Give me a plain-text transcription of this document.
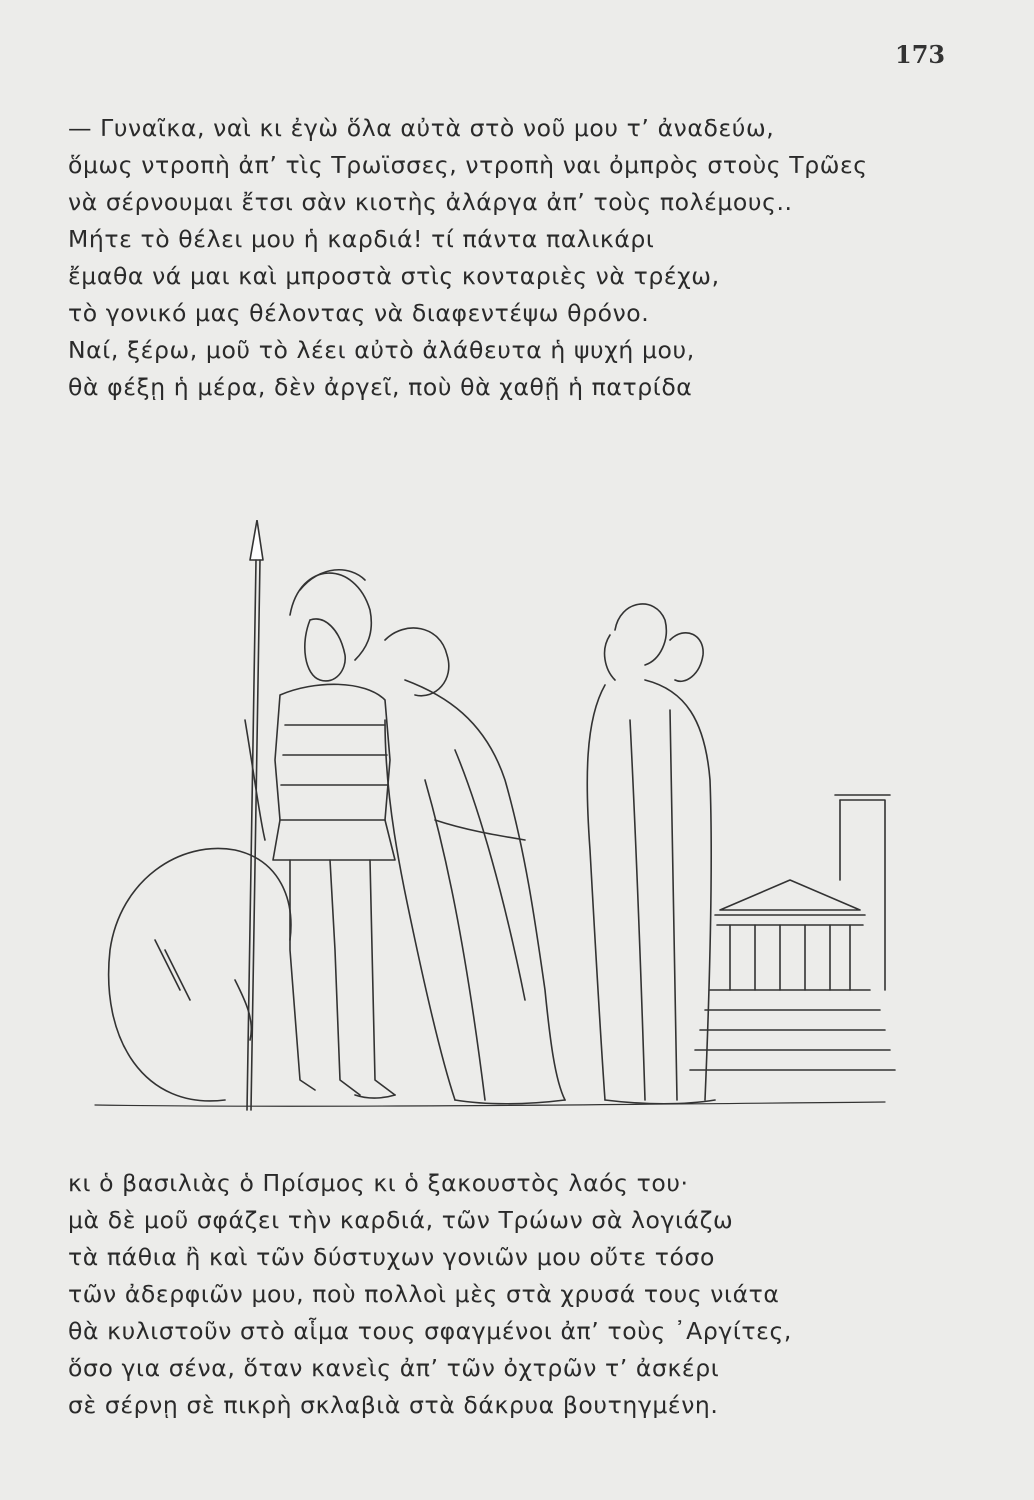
173
— Γυναῖκα, ναὶ κι ἐγὼ ὅλα αὐτὰ στὸ νοῦ μου τ’ ἀναδεύω,
ὅμως ντροπὴ ἀπ’ τὶς Τρωϊσσες, ντροπὴ ναι ὀμπρὸς στοὺς Τρῶες
νὰ σέρνουμαι ἔτσι σὰν κιοτὴς ἀλάργα ἀπ’ τοὺς πολέμους..
Μήτε τὸ θέλει μου ἡ καρδιά! τί πάντα παλικάρι
ἔμαθα νά μαι καὶ μπροστὰ στὶς κονταριὲς νὰ τρέχω,
τὸ γονικό μας θέλοντας νὰ διαφεντέψω θρόνο.
Ναί, ξέρω, μοῦ τὸ λέει αὐτὸ ἀλάθευτα ἡ ψυχή μου,
θὰ φέξῃ ἡ μέρα, δὲν ἀργεῖ, ποὺ θὰ χαθῇ ἡ πατρίδα
κι ὁ βασιλιὰς ὁ Πρίσμος κι ὁ ξακουστὸς λαός του·
μὰ δὲ μοῦ σφάζει τὴν καρδιά, τῶν Τρώων σὰ λογιάζω
τὰ πάθια ἢ καὶ τῶν δύστυχων γονιῶν μου οὔτε τόσο
τῶν ἀδερφιῶν μου, ποὺ πολλοὶ μὲς στὰ χρυσά τους νιάτα
θὰ κυλιστοῦν στὸ αἷμα τους σφαγμένοι ἀπ’ τοὺς ᾿Αργίτες,
ὅσο για σένα, ὅταν κανεὶς ἀπ’ τῶν ὀχτρῶν τ’ ἀσκέρι
σὲ σέρνῃ σὲ πικρὴ σκλαβιὰ στὰ δάκρυα βουτηγμένη.
